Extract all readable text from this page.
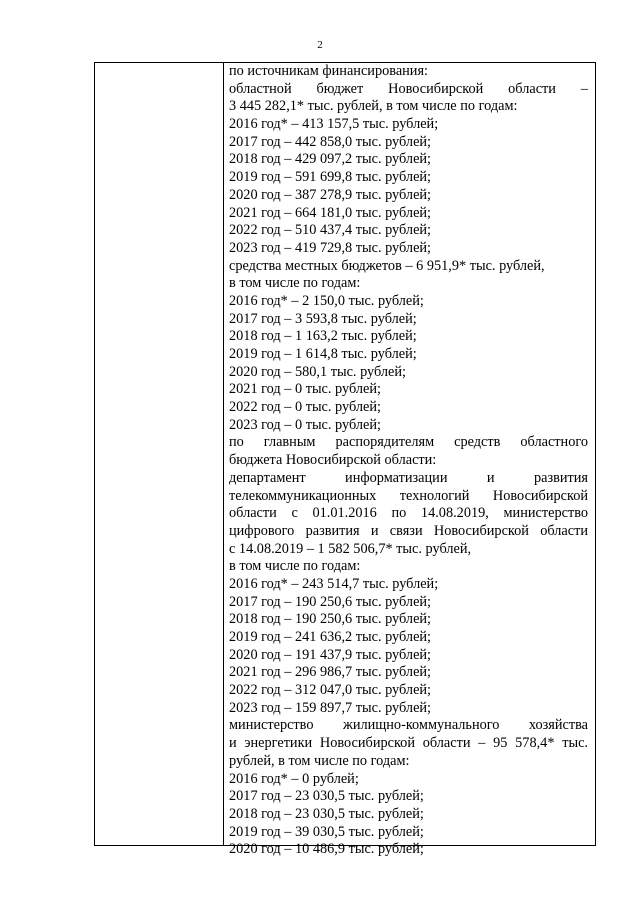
2
по источникам финансирования:
областной бюджет Новосибирской области –
3 445 282,1* тыс. рублей, в том числе по годам:
2016 год* – 413 157,5 тыс. рублей;
2017 год – 442 858,0 тыс. рублей;
2018 год – 429 097,2 тыс. рублей;
2019 год – 591 699,8 тыс. рублей;
2020 год – 387 278,9 тыс. рублей;
2021 год – 664 181,0 тыс. рублей;
2022 год – 510 437,4 тыс. рублей;
2023 год – 419 729,8 тыс. рублей;
средства местных бюджетов – 6 951,9* тыс. рублей,
в том числе по годам:
2016 год* – 2 150,0 тыс. рублей;
2017 год – 3 593,8 тыс. рублей;
2018 год – 1 163,2 тыс. рублей;
2019 год – 1 614,8 тыс. рублей;
2020 год – 580,1 тыс. рублей;
2021 год – 0 тыс. рублей;
2022 год – 0 тыс. рублей;
2023 год – 0 тыс. рублей;
по главным распорядителям средств областного
бюджета Новосибирской области:
департамент информатизации и развития
телекоммуникационных технологий Новосибирской
области с 01.01.2016 по 14.08.2019, министерство
цифрового развития и связи Новосибирской области
с 14.08.2019 – 1 582 506,7* тыс. рублей,
в том числе по годам:
2016 год* – 243 514,7 тыс. рублей;
2017 год – 190 250,6 тыс. рублей;
2018 год – 190 250,6 тыс. рублей;
2019 год – 241 636,2 тыс. рублей;
2020 год – 191 437,9 тыс. рублей;
2021 год – 296 986,7 тыс. рублей;
2022 год – 312 047,0 тыс. рублей;
2023 год – 159 897,7 тыс. рублей;
министерство жилищно-коммунального хозяйства
и энергетики Новосибирской области – 95 578,4* тыс.
рублей, в том числе по годам:
2016 год* – 0 рублей;
2017 год – 23 030,5 тыс. рублей;
2018 год – 23 030,5 тыс. рублей;
2019 год – 39 030,5 тыс. рублей;
2020 год – 10 486,9 тыс. рублей;
